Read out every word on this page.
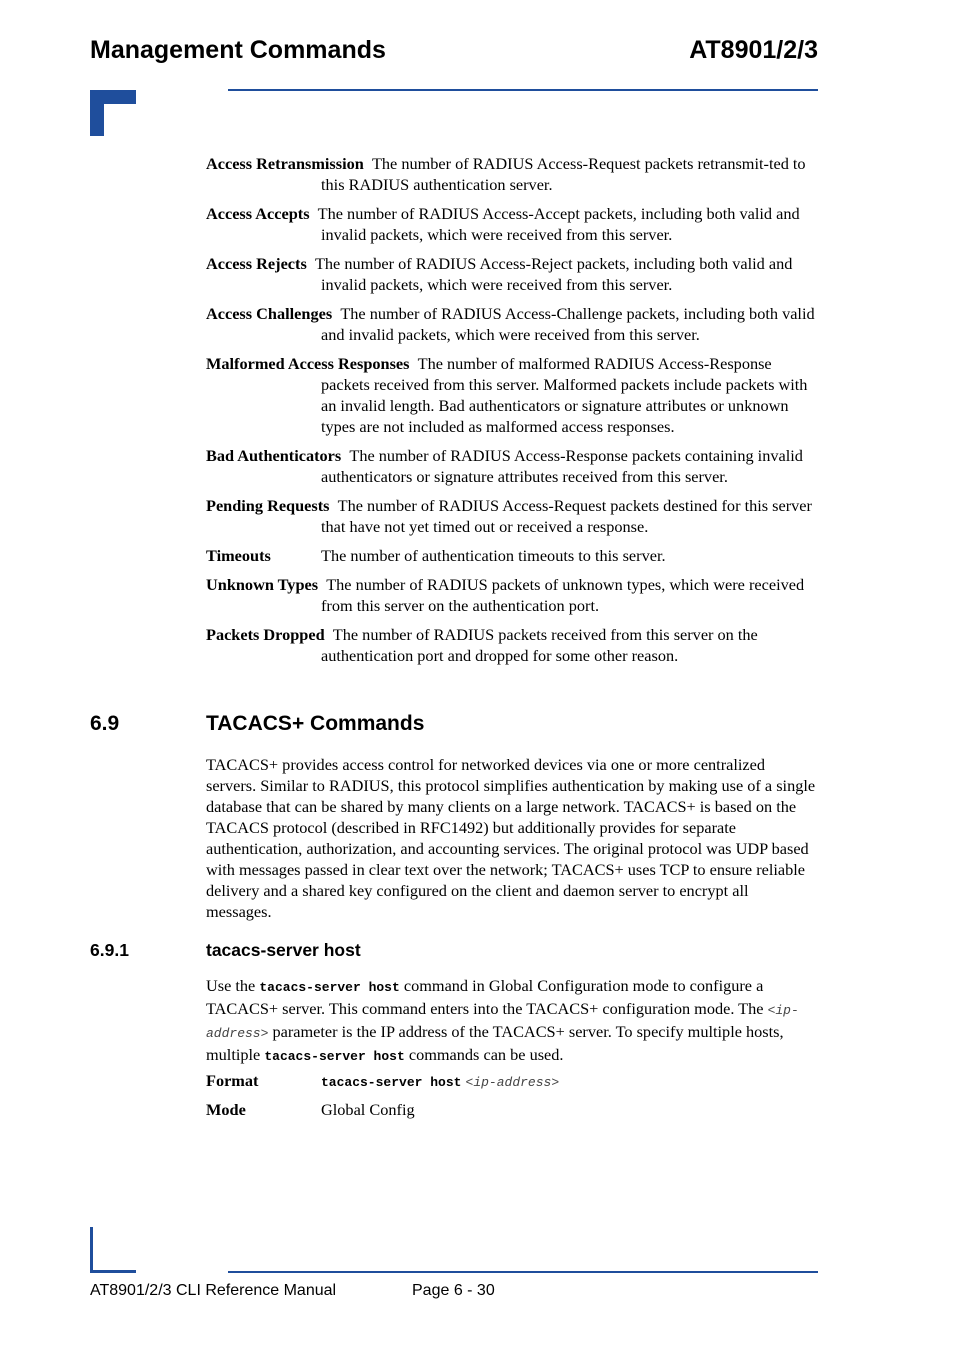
Management Commands	AT8901/2/3

Access Retransmission The number of RADIUS Access-Request packets retransmit-ted to this RADIUS authentication server.

Access Accepts The number of RADIUS Access-Accept packets, including both valid and invalid packets, which were received from this server.

Access Rejects The number of RADIUS Access-Reject packets, including both valid and invalid packets, which were received from this server.

Access Challenges The number of RADIUS Access-Challenge packets, including both valid and invalid packets, which were received from this server.

Malformed Access Responses The number of malformed RADIUS Access-Response packets received from this server. Malformed packets include packets with an invalid length. Bad authenticators or signature attributes or unknown types are not included as malformed access responses.

Bad Authenticators The number of RADIUS Access-Response packets containing invalid authenticators or signature attributes received from this server.

Pending Requests The number of RADIUS Access-Request packets destined for this server that have not yet timed out or received a response.

Timeouts	The number of authentication timeouts to this server.

Unknown Types The number of RADIUS packets of unknown types, which were received from this server on the authentication port.

Packets Dropped The number of RADIUS packets received from this server on the authentication port and dropped for some other reason.

6.9	TACACS+ Commands

TACACS+ provides access control for networked devices via one or more centralized servers. Similar to RADIUS, this protocol simplifies authentication by making use of a single database that can be shared by many clients on a large network. TACACS+ is based on the TACACS protocol (described in RFC1492) but additionally provides for separate authentication, authorization, and accounting services. The original protocol was UDP based with messages passed in clear text over the network; TACACS+ uses TCP to ensure reliable delivery and a shared key configured on the client and daemon server to encrypt all messages.

6.9.1	tacacs-server host

Use the tacacs-server host command in Global Configuration mode to configure a TACACS+ server. This command enters into the TACACS+ configuration mode. The <ip-address> parameter is the IP address of the TACACS+ server. To specify multiple hosts, multiple tacacs-server host commands can be used.

Format	tacacs-server host <ip-address>
Mode	Global Config
AT8901/2/3 CLI Reference Manual	Page 6 - 30
